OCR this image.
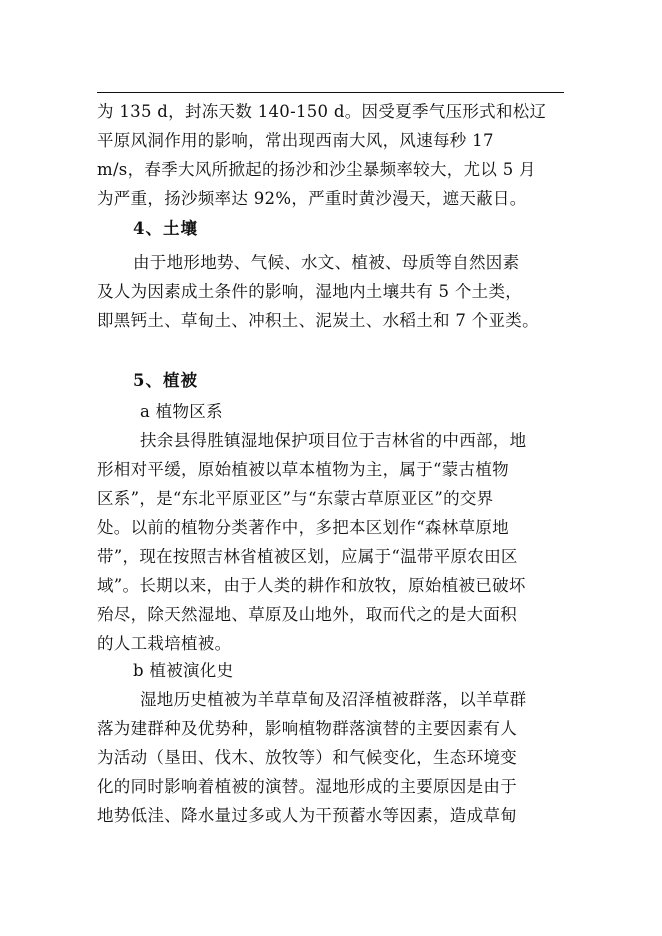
为 135 d，封冻天数 140-150 d。因受夏季气压形式和松辽
平原风洞作用的影响，常出现西南大风，风速每秒 17
m/s，春季大风所掀起的扬沙和沙尘暴频率较大，尤以 5 月
为严重，扬沙频率达 92%，严重时黄沙漫天，遮天蔽日。
4、土壤
由于地形地势、气候、水文、植被、母质等自然因素
及人为因素成土条件的影响，湿地内土壤共有 5 个土类，
即黑钙土、草甸土、冲积土、泥炭土、水稻土和 7 个亚类。
5、植被
a 植物区系
扶余县得胜镇湿地保护项目位于吉林省的中西部，地
形相对平缓，原始植被以草本植物为主，属于“蒙古植物
区系”，是“东北平原亚区”与“东蒙古草原亚区”的交界
处。以前的植物分类著作中，多把本区划作“森林草原地
带”，现在按照吉林省植被区划，应属于“温带平原农田区
域”。长期以来，由于人类的耕作和放牧，原始植被已破坏
殆尽，除天然湿地、草原及山地外，取而代之的是大面积
的人工栽培植被。
b 植被演化史
湿地历史植被为羊草草甸及沼泽植被群落，以羊草群
落为建群种及优势种，影响植物群落演替的主要因素有人
为活动（垦田、伐木、放牧等）和气候变化，生态环境变
化的同时影响着植被的演替。湿地形成的主要原因是由于
地势低洼、降水量过多或人为干预蓄水等因素，造成草甸
